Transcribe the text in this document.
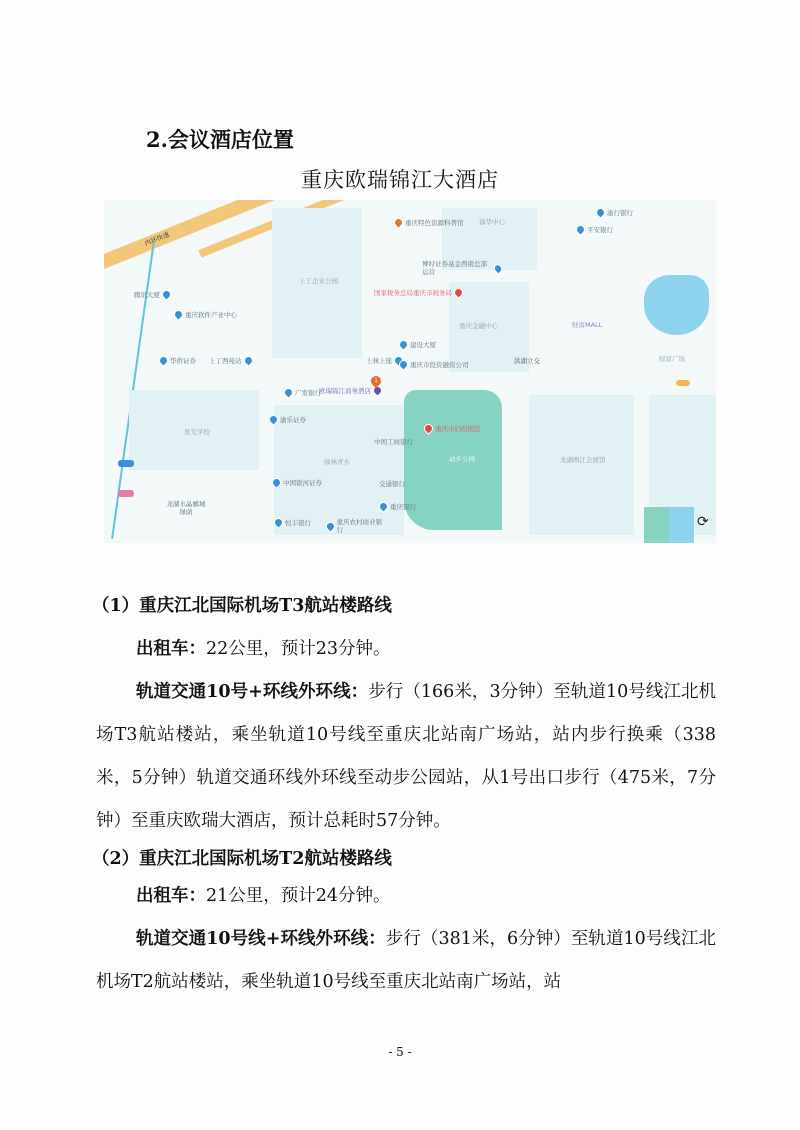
2.会议酒店位置
重庆欧瑞锦江大酒店
内环快速
上丁企业公园
福华中心
重庆金融中心	财富MALL
财富广场
星光学校
绿林青水	动步公园	龙湖两江会展馆
洪湖立交
重庆特色资源科普馆
国家税务总局重庆市税务局
腾讯大厦
重庆软件产业中心
华侨证券 上丁西苑站	上林上座
渝行银行
平安银行
博时证券基金西南总部运营
建设大厦
重庆市投资融资公司
欧瑞锦江商务酒店
1
广发银行
渝乐证券
中国工商银行
重庆市妇幼医院
交通银行
中国银河证券
龙湖水晶郦城绿荫
重庆银行
恒丰银行	重庆农村商业银行	⟳

（1）重庆江北国际机场T3航站楼路线

出租车：22公里，预计23分钟。

轨道交通10号+环线外环线：步行（166米，3分钟）至轨道10号线江北机场T3航站楼站，乘坐轨道10号线至重庆北站南广场站，站内步行换乘（338米，5分钟）轨道交通环线外环线至动步公园站，从1号出口步行（475米，7分钟）至重庆欧瑞大酒店，预计总耗时57分钟。

（2）重庆江北国际机场T2航站楼路线

出租车：21公里，预计24分钟。

轨道交通10号线+环线外环线：步行（381米，6分钟）至轨道10号线江北机场T2航站楼站，乘坐轨道10号线至重庆北站南广场站，站

- 5 -
